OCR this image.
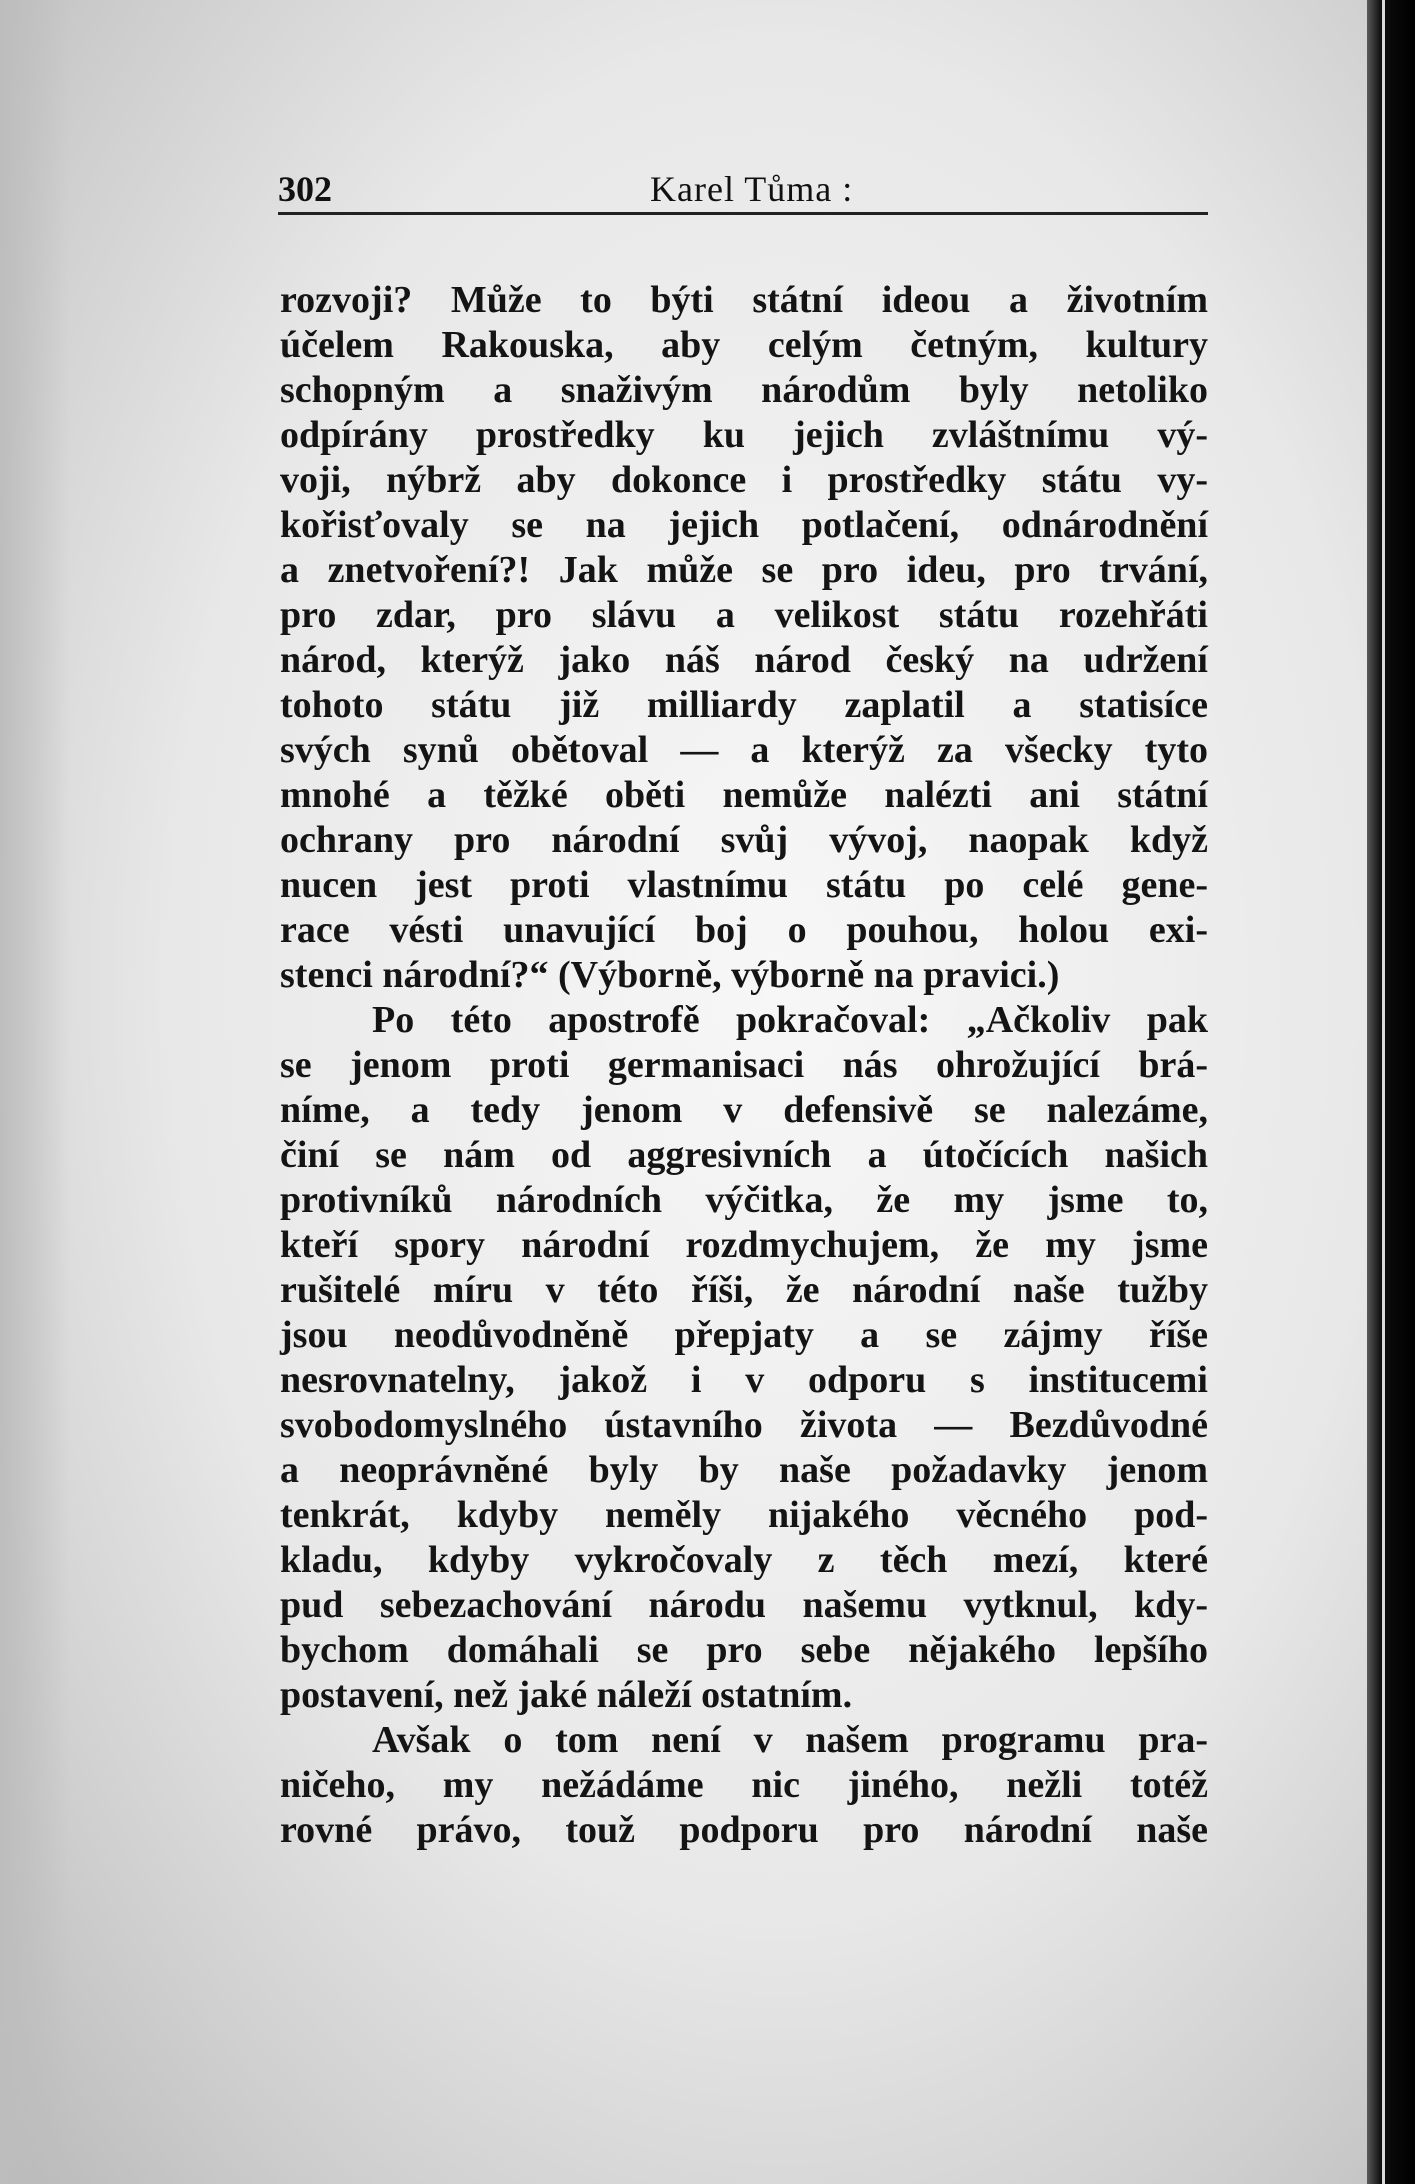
302	Karel Tůma :
rozvoji? Může to býti státní ideou a životním
účelem Rakouska, aby celým četným, kultury
schopným a snaživým národům byly netoliko
odpírány prostředky ku jejich zvláštnímu vý-
voji, nýbrž aby dokonce i prostředky státu vy-
kořisťovaly se na jejich potlačení, odnárodnění
a znetvoření?! Jak může se pro ideu, pro trvání,
pro zdar, pro slávu a velikost státu rozehřáti
národ, kterýž jako náš národ český na udržení
tohoto státu již milliardy zaplatil a statisíce
svých synů obětoval — a kterýž za všecky tyto
mnohé a těžké oběti nemůže nalézti ani státní
ochrany pro národní svůj vývoj, naopak když
nucen jest proti vlastnímu státu po celé gene-
race vésti unavující boj o pouhou, holou exi-
stenci národní?“ (Výborně, výborně na pravici.)
Po této apostrofě pokračoval: „Ačkoliv pak
se jenom proti germanisaci nás ohrožující brá-
níme, a tedy jenom v defensivě se nalezáme,
činí se nám od aggresivních a útočících našich
protivníků národních výčitka, že my jsme to,
kteří spory národní rozdmychujem, že my jsme
rušitelé míru v této říši, že národní naše tužby
jsou neodůvodněně přepjaty a se zájmy říše
nesrovnatelny, jakož i v odporu s institucemi
svobodomyslného ústavního života — Bezdůvodné
a neoprávněné byly by naše požadavky jenom
tenkrát, kdyby neměly nijakého věcného pod-
kladu, kdyby vykročovaly z těch mezí, které
pud sebezachování národu našemu vytknul, kdy-
bychom domáhali se pro sebe nějakého lepšího
postavení, než jaké náleží ostatním.
Avšak o tom není v našem programu pra-
ničeho, my nežádáme nic jiného, nežli totéž
rovné právo, touž podporu pro národní naše
